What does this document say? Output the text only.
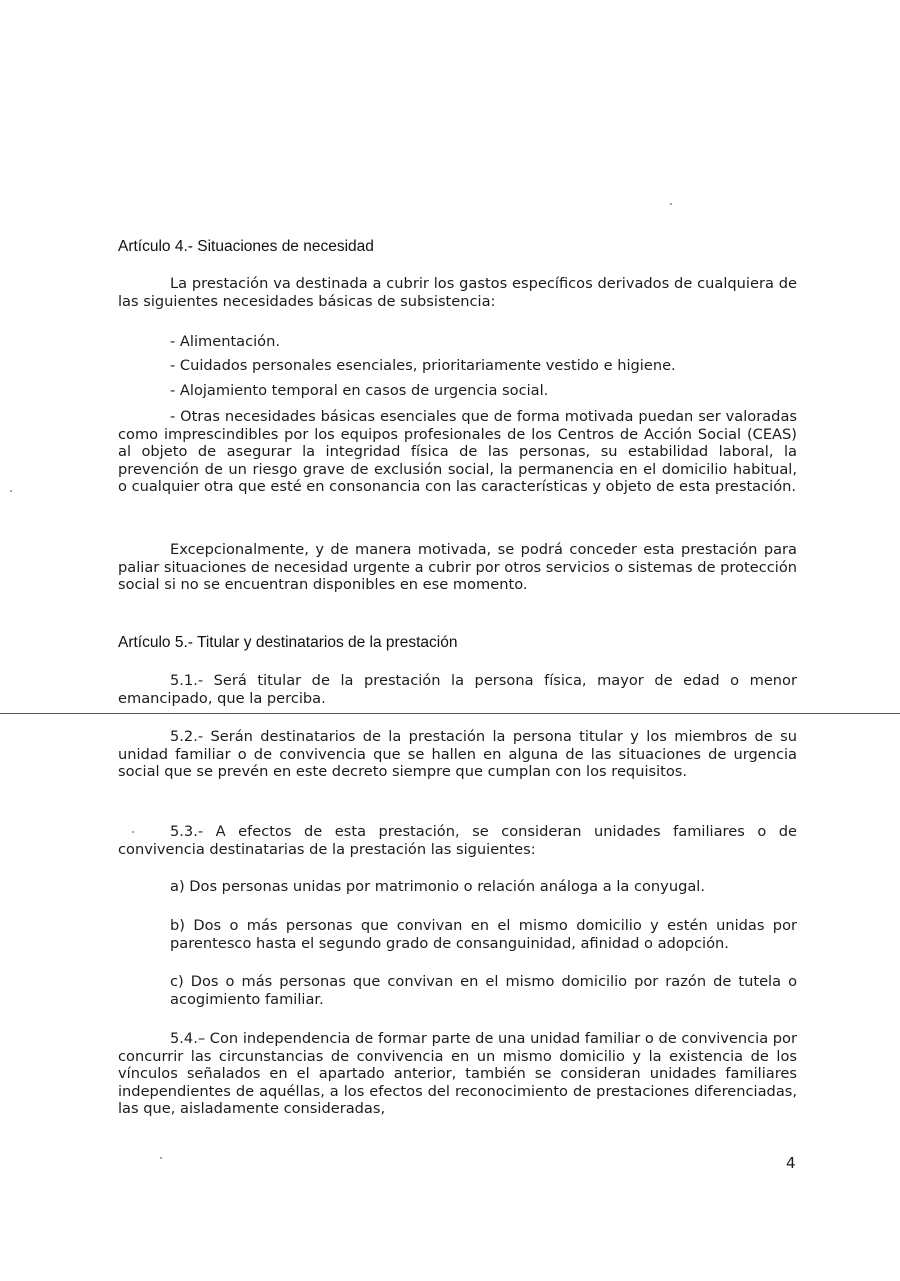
Artículo 4.- Situaciones de necesidad

La prestación va destinada a cubrir los gastos específicos derivados de cualquiera de las siguientes necesidades básicas de subsistencia:

- Alimentación.

- Cuidados personales esenciales, prioritariamente vestido e higiene.

- Alojamiento temporal en casos de urgencia social.

- Otras necesidades básicas esenciales que de forma motivada puedan ser valoradas como imprescindibles por los equipos profesionales de los Centros de Acción Social (CEAS) al objeto de asegurar la integridad física de las personas, su estabilidad laboral, la prevención de un riesgo grave de exclusión social, la permanencia en el domicilio habitual, o cualquier otra que esté en consonancia con las características y objeto de esta prestación.

Excepcionalmente, y de manera motivada, se podrá conceder esta prestación para paliar situaciones de necesidad urgente a cubrir por otros servicios o sistemas de protección social si no se encuentran disponibles en ese momento.

Artículo 5.- Titular y destinatarios de la prestación

5.1.- Será titular de la prestación la persona física, mayor de edad o menor emancipado, que la perciba.

5.2.- Serán destinatarios de la prestación la persona titular y los miembros de su unidad familiar o de convivencia que se hallen en alguna de las situaciones de urgencia social que se prevén en este decreto siempre que cumplan con los requisitos.

5.3.- A efectos de esta prestación, se consideran unidades familiares o de convivencia destinatarias de la prestación las siguientes:

a) Dos personas unidas por matrimonio o relación análoga a la conyugal.

b) Dos o más personas que convivan en el mismo domicilio y estén unidas por parentesco hasta el segundo grado de consanguinidad, afinidad o adopción.

c) Dos o más personas que convivan en el mismo domicilio por razón de tutela o acogimiento familiar.

5.4.– Con independencia de formar parte de una unidad familiar o de convivencia por concurrir las circunstancias de convivencia en un mismo domicilio y la existencia de los vínculos señalados en el apartado anterior, también se consideran unidades familiares independientes de aquéllas, a los efectos del reconocimiento de prestaciones diferenciadas, las que, aisladamente consideradas,

4
